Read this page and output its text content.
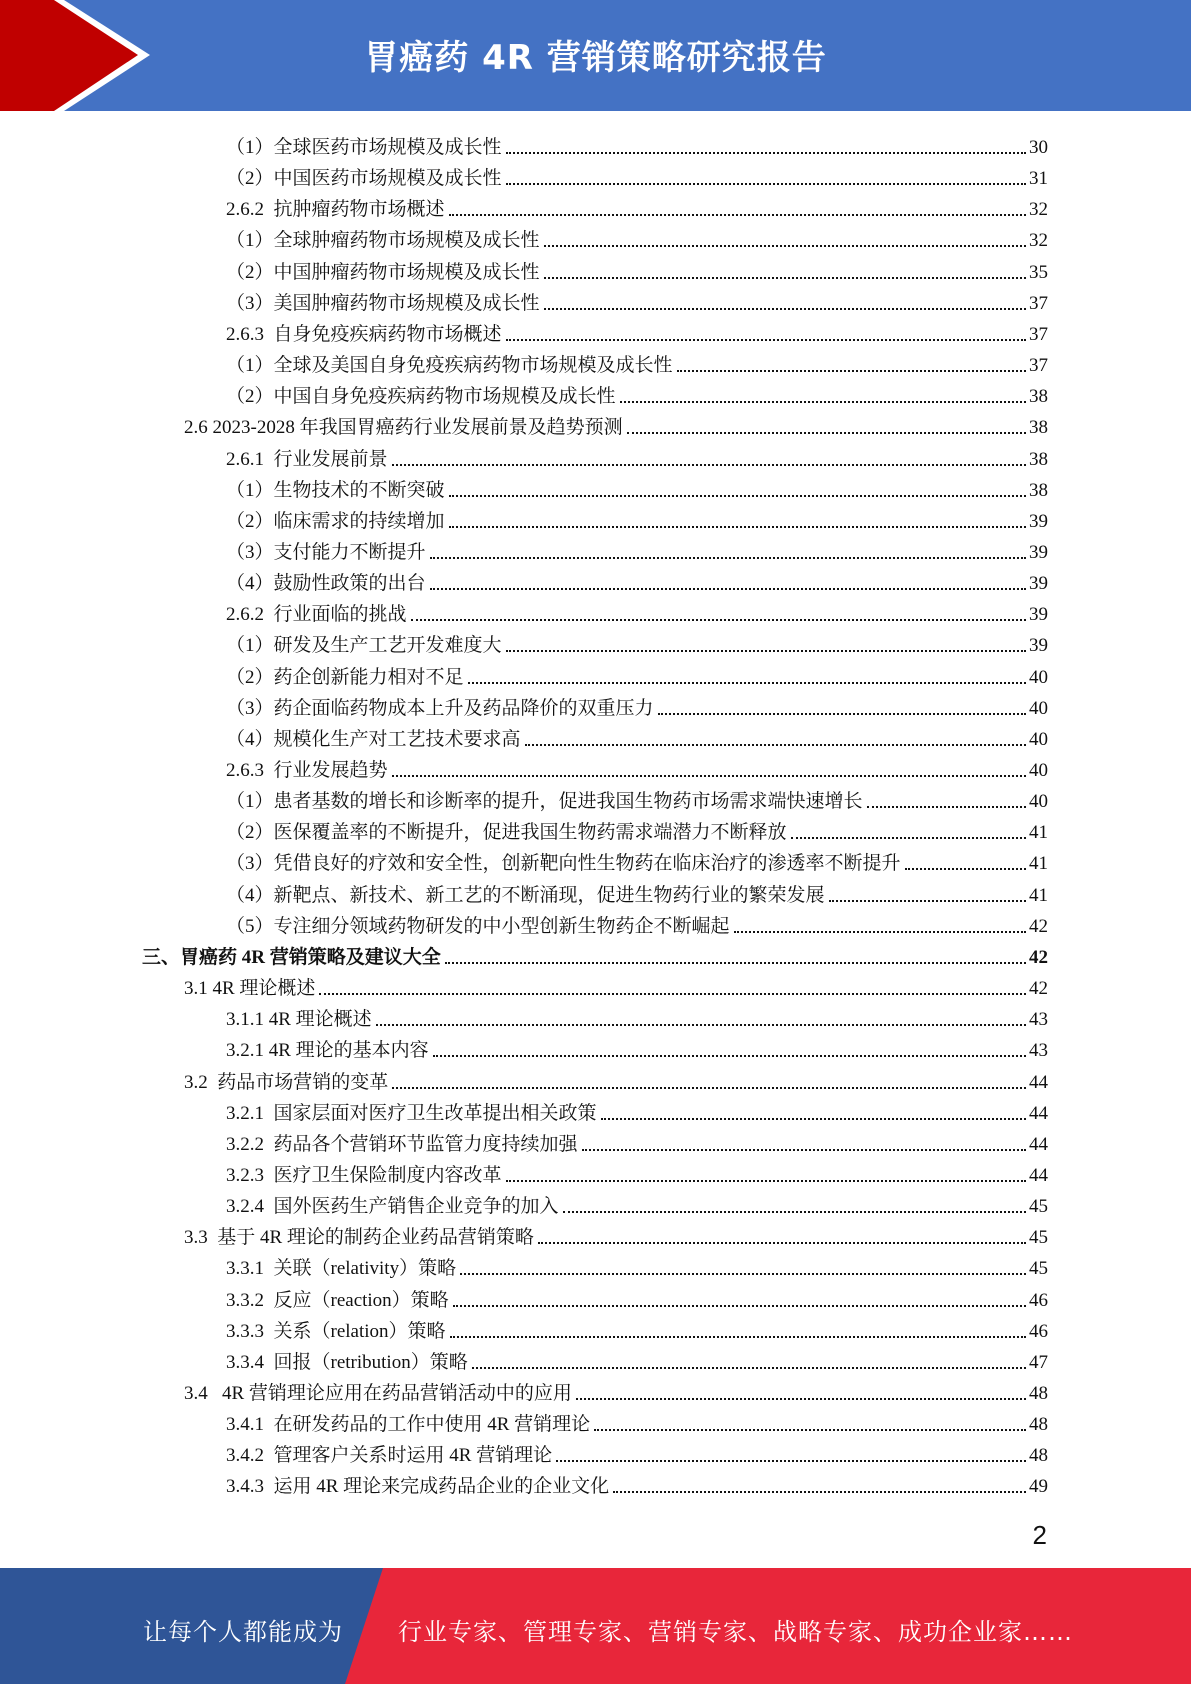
胃癌药 4R 营销策略研究报告
（1）全球医药市场规模及成长性	30
（2）中国医药市场规模及成长性	31
2.6.2  抗肿瘤药物市场概述	32
（1）全球肿瘤药物市场规模及成长性	32
（2）中国肿瘤药物市场规模及成长性	35
（3）美国肿瘤药物市场规模及成长性	37
2.6.3  自身免疫疾病药物市场概述	37
（1）全球及美国自身免疫疾病药物市场规模及成长性	37
（2）中国自身免疫疾病药物市场规模及成长性	38
2.6 2023-2028 年我国胃癌药行业发展前景及趋势预测	38
2.6.1  行业发展前景	38
（1）生物技术的不断突破	38
（2）临床需求的持续增加	39
（3）支付能力不断提升	39
（4）鼓励性政策的出台	39
2.6.2  行业面临的挑战	39
（1）研发及生产工艺开发难度大	39
（2）药企创新能力相对不足	40
（3）药企面临药物成本上升及药品降价的双重压力	40
（4）规模化生产对工艺技术要求高	40
2.6.3  行业发展趋势	40
（1）患者基数的增长和诊断率的提升，促进我国生物药市场需求端快速增长	40
（2）医保覆盖率的不断提升，促进我国生物药需求端潜力不断释放	41
（3）凭借良好的疗效和安全性，创新靶向性生物药在临床治疗的渗透率不断提升	41
（4）新靶点、新技术、新工艺的不断涌现，促进生物药行业的繁荣发展	41
（5）专注细分领域药物研发的中小型创新生物药企不断崛起	42
三、胃癌药 4R 营销策略及建议大全	42
3.1 4R 理论概述	42
3.1.1 4R 理论概述	43
3.2.1 4R 理论的基本内容	43
3.2  药品市场营销的变革	44
3.2.1  国家层面对医疗卫生改革提出相关政策	44
3.2.2  药品各个营销环节监管力度持续加强	44
3.2.3  医疗卫生保险制度内容改革	44
3.2.4  国外医药生产销售企业竞争的加入	45
3.3  基于 4R 理论的制药企业药品营销策略	45
3.3.1  关联（relativity）策略	45
3.3.2  反应（reaction）策略	46
3.3.3  关系（relation）策略	46
3.3.4  回报（retribution）策略	47
3.4   4R 营销理论应用在药品营销活动中的应用	48
3.4.1  在研发药品的工作中使用 4R 营销理论	48
3.4.2  管理客户关系时运用 4R 营销理论	48
3.4.3  运用 4R 理论来完成药品企业的企业文化	49
2
让每个人都能成为 行业专家、管理专家、营销专家、战略专家、成功企业家……
